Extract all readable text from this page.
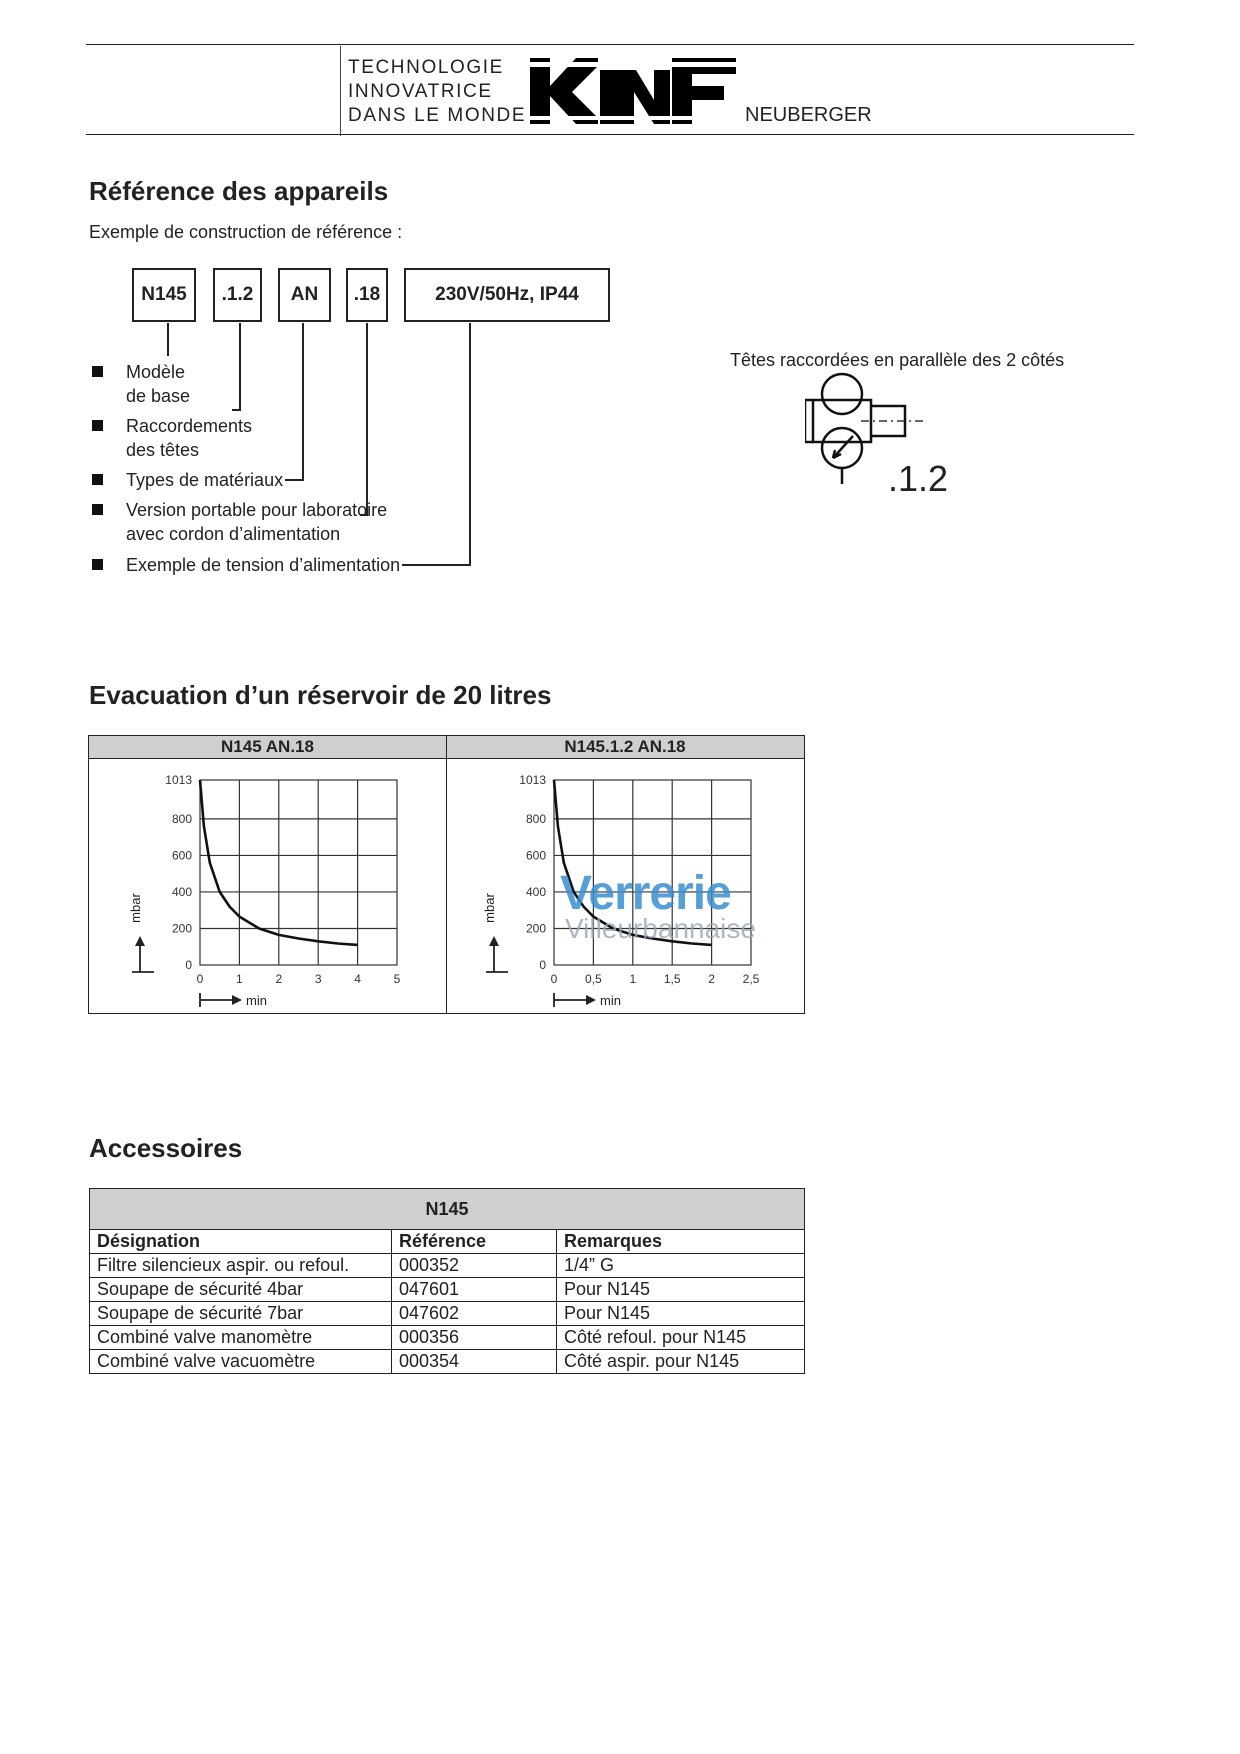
TECHNOLOGIE
INNOVATRICE
DANS LE MONDE	NEUBERGER
Référence des appareils
Exemple de construction de référence :
N145	.1.2	AN	.18	230V/50Hz, IP44
Modèle
de base
Raccordements
des têtes
Types de matériaux
Version portable pour laboratoire
avec cordon d’alimentation
Exemple de tension d’alimentation
Têtes raccordées en parallèle des 2 côtés
.1.2
Evacuation d’un réservoir de 20 litres
N145 AN.18	N145.1.2 AN.18
0	1	2	3	4	5
0
200
400
600
800
1013
mbar
min
0 0,5 1 1,5 2 2,5
0
200
400
600
800
1013
mbar
min
Verrerie
Villeurbannaise
Accessoires
N145		
Désignation	Référence	Remarques
Filtre silencieux aspir. ou refoul.	000352	1/4” G
Soupape de sécurité 4bar	047601	Pour N145
Soupape de sécurité 7bar	047602	Pour N145
Combiné valve manomètre	000356	Côté refoul. pour N145
Combiné valve vacuomètre	000354	Côté aspir. pour N145
